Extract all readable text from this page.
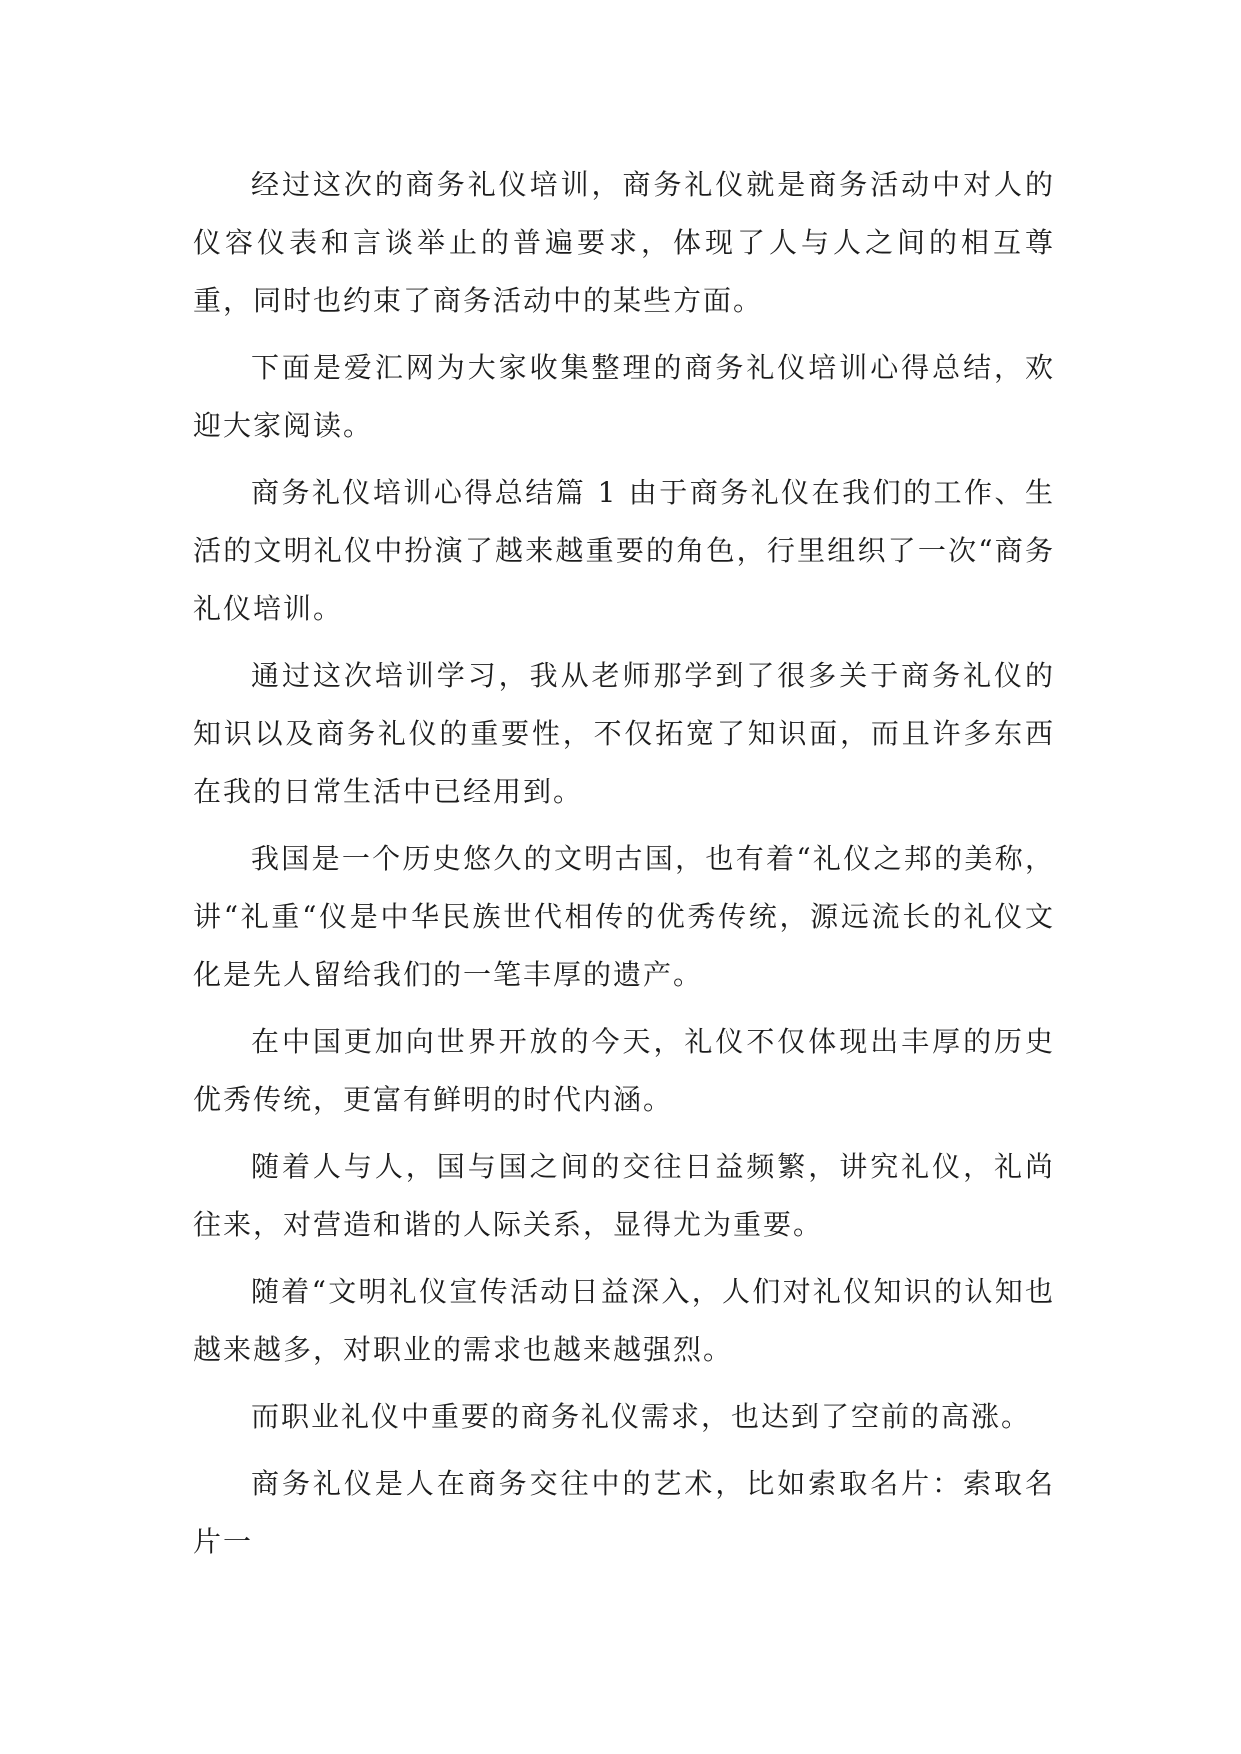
经过这次的商务礼仪培训，商务礼仪就是商务活动中对人的仪容仪表和言谈举止的普遍要求，体现了人与人之间的相互尊重，同时也约束了商务活动中的某些方面。

下面是爱汇网为大家收集整理的商务礼仪培训心得总结，欢迎大家阅读。

商务礼仪培训心得总结篇 1 由于商务礼仪在我们的工作、生活的文明礼仪中扮演了越来越重要的角色，行里组织了一次“商务礼仪培训。

通过这次培训学习，我从老师那学到了很多关于商务礼仪的知识以及商务礼仪的重要性，不仅拓宽了知识面，而且许多东西在我的日常生活中已经用到。

我国是一个历史悠久的文明古国，也有着“礼仪之邦的美称，讲“礼重“仪是中华民族世代相传的优秀传统，源远流长的礼仪文化是先人留给我们的一笔丰厚的遗产。

在中国更加向世界开放的今天，礼仪不仅体现出丰厚的历史优秀传统，更富有鲜明的时代内涵。

随着人与人，国与国之间的交往日益频繁，讲究礼仪，礼尚往来，对营造和谐的人际关系，显得尤为重要。

随着“文明礼仪宣传活动日益深入，人们对礼仪知识的认知也越来越多，对职业的需求也越来越强烈。

而职业礼仪中重要的商务礼仪需求，也达到了空前的高涨。

商务礼仪是人在商务交往中的艺术，比如索取名片：索取名片一
